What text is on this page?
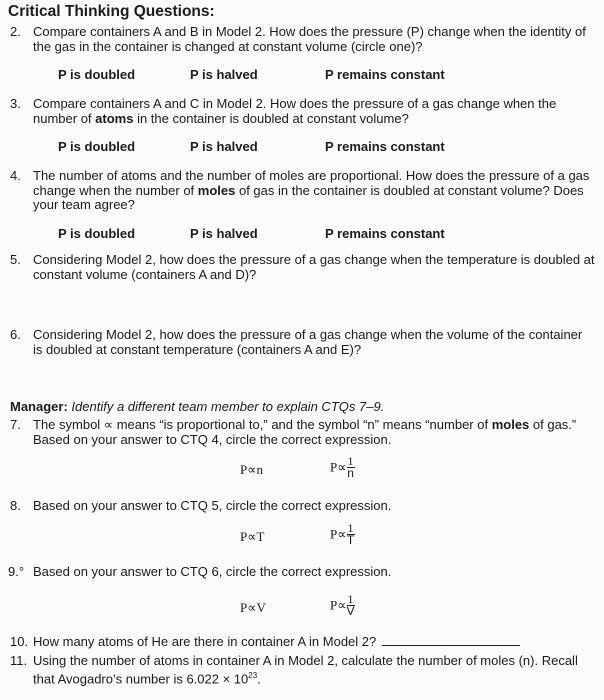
Critical Thinking Questions:
2. Compare containers A and B in Model 2. How does the pressure (P) change when the identity of the gas in the container is changed at constant volume (circle one)?
P is doubled	P is halved	P remains constant
3. Compare containers A and C in Model 2. How does the pressure of a gas change when the number of atoms in the container is doubled at constant volume?
P is doubled	P is halved	P remains constant
4. The number of atoms and the number of moles are proportional. How does the pressure of a gas change when the number of moles of gas in the container is doubled at constant volume? Does your team agree?
P is doubled	P is halved	P remains constant
5. Considering Model 2, how does the pressure of a gas change when the temperature is doubled at constant volume (containers A and D)?
6. Considering Model 2, how does the pressure of a gas change when the volume of the container is doubled at constant temperature (containers A and E)?
Manager: Identify a different team member to explain CTQs 7–9.
7. The symbol ∝ means “is proportional to,” and the symbol “n” means “number of moles of gas.” Based on your answer to CTQ 4, circle the correct expression.
P∝n	$P\propto \frac{1}{n}$
8. Based on your answer to CTQ 5, circle the correct expression.
P∝T	$P\propto \frac{1}{T}$
9.° Based on your answer to CTQ 6, circle the correct expression.
P∝V	$P\propto \frac{1}{V}$
10. How many atoms of He are there in container A in Model 2?
11. Using the number of atoms in container A in Model 2, calculate the number of moles (n). Recall that Avogadro’s number is $6.022 \times 10^{23}$.
